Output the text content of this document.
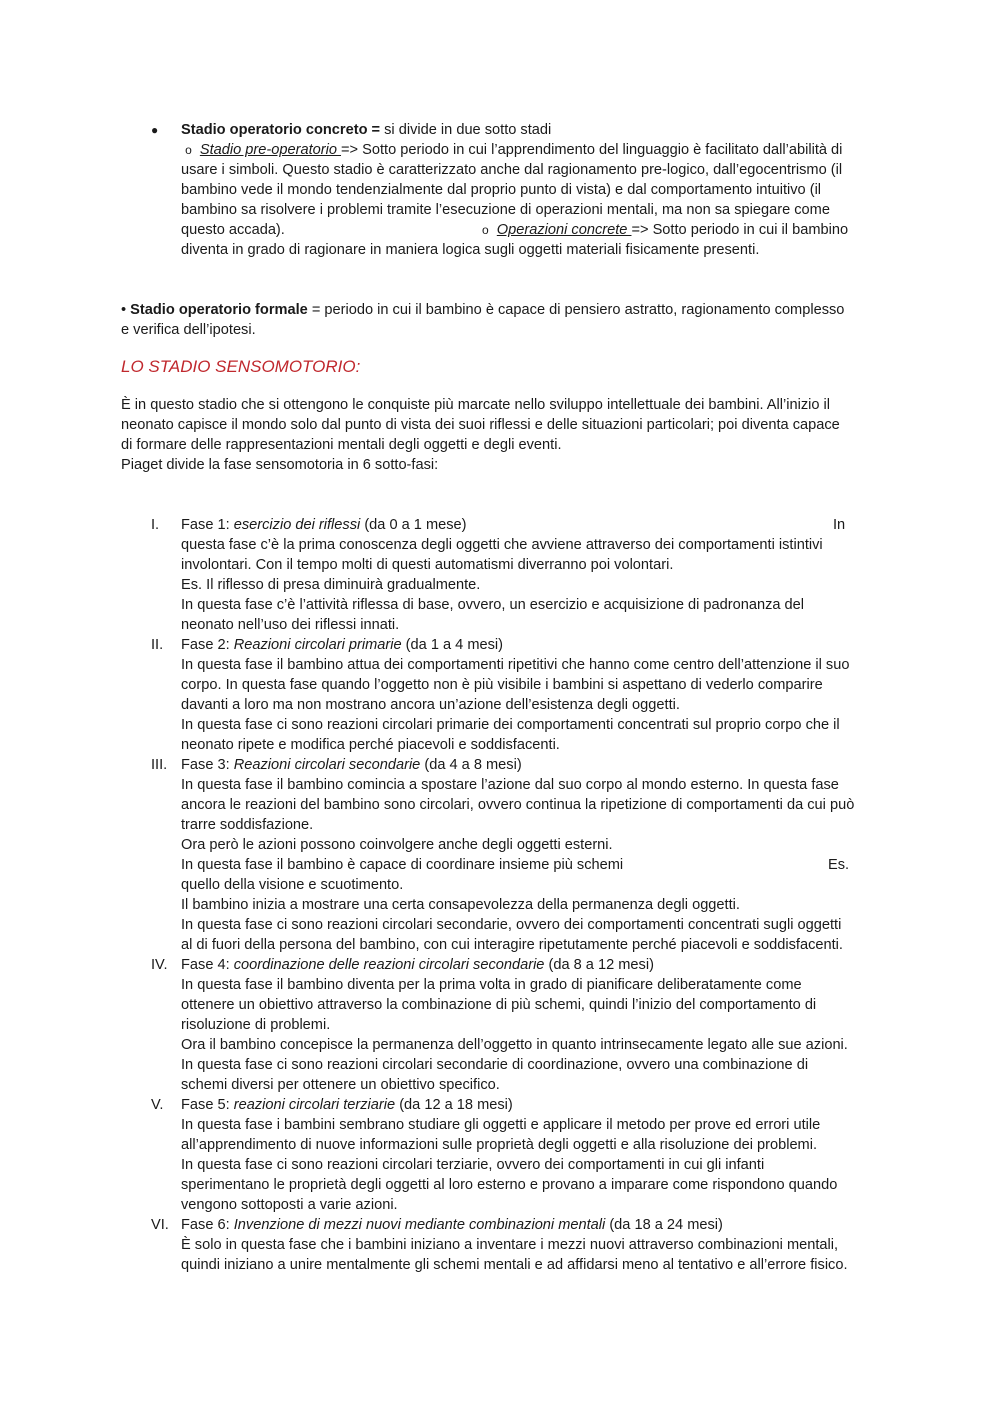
● Stadio operatorio concreto = si divide in due sotto stadi
o Stadio pre-operatorio => Sotto periodo in cui l’apprendimento del linguaggio è facilitato dall’abilità di
usare i simboli. Questo stadio è caratterizzato anche dal ragionamento pre-logico, dall’egocentrismo (il
bambino vede il mondo tendenzialmente dal proprio punto di vista) e dal comportamento intuitivo (il
bambino sa risolvere i problemi tramite l’esecuzione di operazioni mentali, ma non sa spiegare come
questo accada).
diventa in grado di ragionare in maniera logica sugli oggetti materiali fisicamente presenti.
o Operazioni concrete => Sotto periodo in cui il bambino
• Stadio operatorio formale = periodo in cui il bambino è capace di pensiero astratto, ragionamento complesso
e verifica dell’ipotesi.
LO STADIO SENSOMOTORIO:
È in questo stadio che si ottengono le conquiste più marcate nello sviluppo intellettuale dei bambini. All’inizio il
neonato capisce il mondo solo dal punto di vista dei suoi riflessi e delle situazioni particolari; poi diventa capace
di formare delle rappresentazioni mentali degli oggetti e degli eventi.
Piaget divide la fase sensomotoria in 6 sotto-fasi:
I.	Fase 1: esercizio dei riflessi (da 0 a 1 mese)
questa fase c’è la prima conoscenza degli oggetti che avviene attraverso dei comportamenti istintivi
involontari. Con il tempo molti di questi automatismi diverranno poi volontari.
Es. Il riflesso di presa diminuirà gradualmente.
In questa fase c’è l’attività riflessa di base, ovvero, un esercizio e acquisizione di padronanza del
neonato nell’uso dei riflessi innati.
In
II.	Fase 2: Reazioni circolari primarie (da 1 a 4 mesi)
In questa fase il bambino attua dei comportamenti ripetitivi che hanno come centro dell’attenzione il suo
corpo. In questa fase quando l’oggetto non è più visibile i bambini si aspettano di vederlo comparire
davanti a loro ma non mostrano ancora un’azione dell’esistenza degli oggetti.
In questa fase ci sono reazioni circolari primarie dei comportamenti concentrati sul proprio corpo che il
neonato ripete e modifica perché piacevoli e soddisfacenti.
III. Fase 3: Reazioni circolari secondarie (da 4 a 8 mesi)
In questa fase il bambino comincia a spostare l’azione dal suo corpo al mondo esterno. In questa fase
ancora le reazioni del bambino sono circolari, ovvero continua la ripetizione di comportamenti da cui può
trarre soddisfazione.
Ora però le azioni possono coinvolgere anche degli oggetti esterni.
In questa fase il bambino è capace di coordinare insieme più schemi
quello della visione e scuotimento.
Il bambino inizia a mostrare una certa consapevolezza della permanenza degli oggetti.
In questa fase ci sono reazioni circolari secondarie, ovvero dei comportamenti concentrati sugli oggetti
al di fuori della persona del bambino, con cui interagire ripetutamente perché piacevoli e soddisfacenti.
Es.
IV. Fase 4: coordinazione delle reazioni circolari secondarie (da 8 a 12 mesi)
In questa fase il bambino diventa per la prima volta in grado di pianificare deliberatamente come
ottenere un obiettivo attraverso la combinazione di più schemi, quindi l’inizio del comportamento di
risoluzione di problemi.
Ora il bambino concepisce la permanenza dell’oggetto in quanto intrinsecamente legato alle sue azioni.
In questa fase ci sono reazioni circolari secondarie di coordinazione, ovvero una combinazione di
schemi diversi per ottenere un obiettivo specifico.
V.	Fase 5: reazioni circolari terziarie (da 12 a 18 mesi)
In questa fase i bambini sembrano studiare gli oggetti e applicare il metodo per prove ed errori utile
all’apprendimento di nuove informazioni sulle proprietà degli oggetti e alla risoluzione dei problemi.
In questa fase ci sono reazioni circolari terziarie, ovvero dei comportamenti in cui gli infanti
sperimentano le proprietà degli oggetti al loro esterno e provano a imparare come rispondono quando
vengono sottoposti a varie azioni.
VI. Fase 6: Invenzione di mezzi nuovi mediante combinazioni mentali (da 18 a 24 mesi)
È solo in questa fase che i bambini iniziano a inventare i mezzi nuovi attraverso combinazioni mentali,
quindi iniziano a unire mentalmente gli schemi mentali e ad affidarsi meno al tentativo e all’errore fisico.
